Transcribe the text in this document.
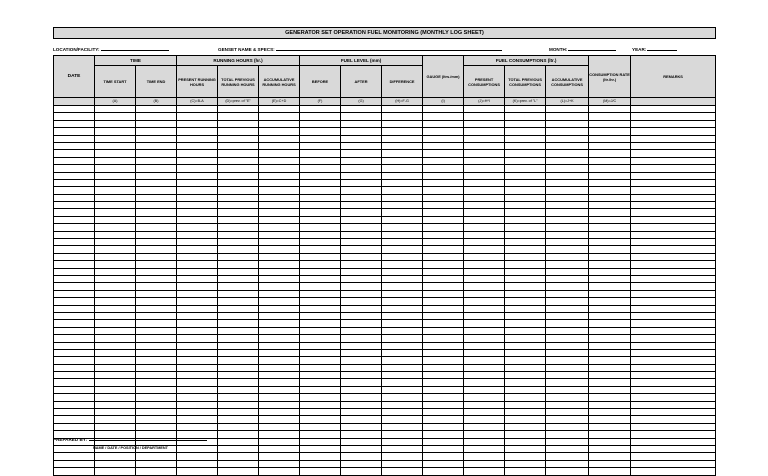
GENERATOR SET OPERATION FUEL MONITORING (MONTHLY LOG SHEET)
LOCATION/FACILITY:	GENSET NAME & SPECS:	MONTH:	YEAR:
DATE	TIME		RUNNING HOURS (hr.)			FUEL LEVEL (mm)			GAUGE (ltrs./mm)	FUEL CONSUMPTIONS (ltr.)			CONSUMPTION RATE (ltr./hr.)	REMARKS
	TIME START	TIME END	PRESENT RUNNING HOURS	TOTAL PREVIOUS RUNNING HOURS	ACCUMULATIVE RUNNING HOURS	BEFORE	AFTER	DIFFERENCE		PRESENT CONSUMPTIONS	TOTAL PREVIOUS CONSUMPTIONS	ACCUMULATIVE CONSUMPTIONS		
	(A)	(B)	(C)=B-A	(D)=prev. of "E"	(E)=C+D	(F)	(G)	(H)=F-G	(I)	(J)=H*I	(K)=prev. of "L"	(L)=J+K	(M)=J/C	

PREPARED BY:
NAME / DATE / POSITION / DEPARTMENT
